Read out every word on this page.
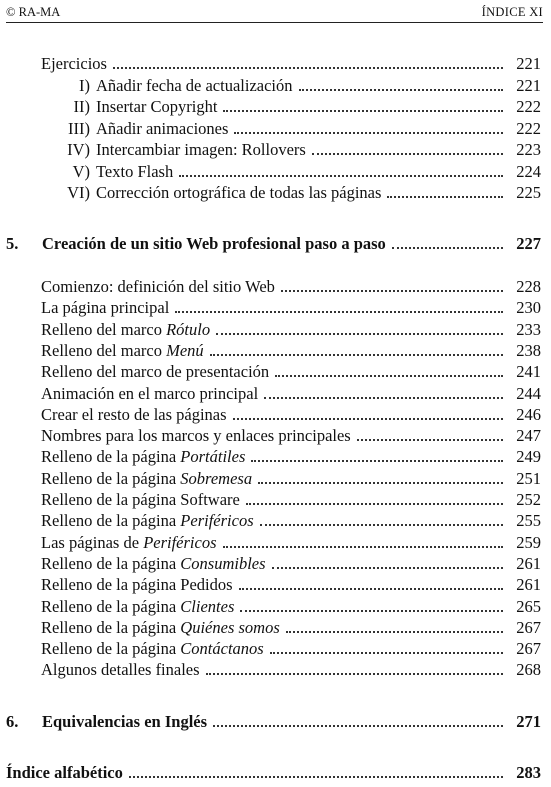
© RA-MA	ÍNDICE XI
Ejercicios	221
I) Añadir fecha de actualización	221
II) Insertar Copyright	222
III) Añadir animaciones	222
IV) Intercambiar imagen: Rollovers	223
V) Texto Flash	224
VI) Corrección ortográfica de todas las páginas	225
5.	Creación de un sitio Web profesional paso a paso	227
Comienzo: definición del sitio Web	228
La página principal	230
Relleno del marco Rótulo	233
Relleno del marco Menú	238
Relleno del marco de presentación	241
Animación en el marco principal	244
Crear el resto de las páginas	246
Nombres para los marcos y enlaces principales	247
Relleno de la página Portátiles	249
Relleno de la página Sobremesa	251
Relleno de la página Software	252
Relleno de la página Periféricos	255
Las páginas de Periféricos	259
Relleno de la página Consumibles	261
Relleno de la página Pedidos	261
Relleno de la página Clientes	265
Relleno de la página Quiénes somos	267
Relleno de la página Contáctanos	267
Algunos detalles finales	268
6.	Equivalencias en Inglés	271
Índice alfabético	283
